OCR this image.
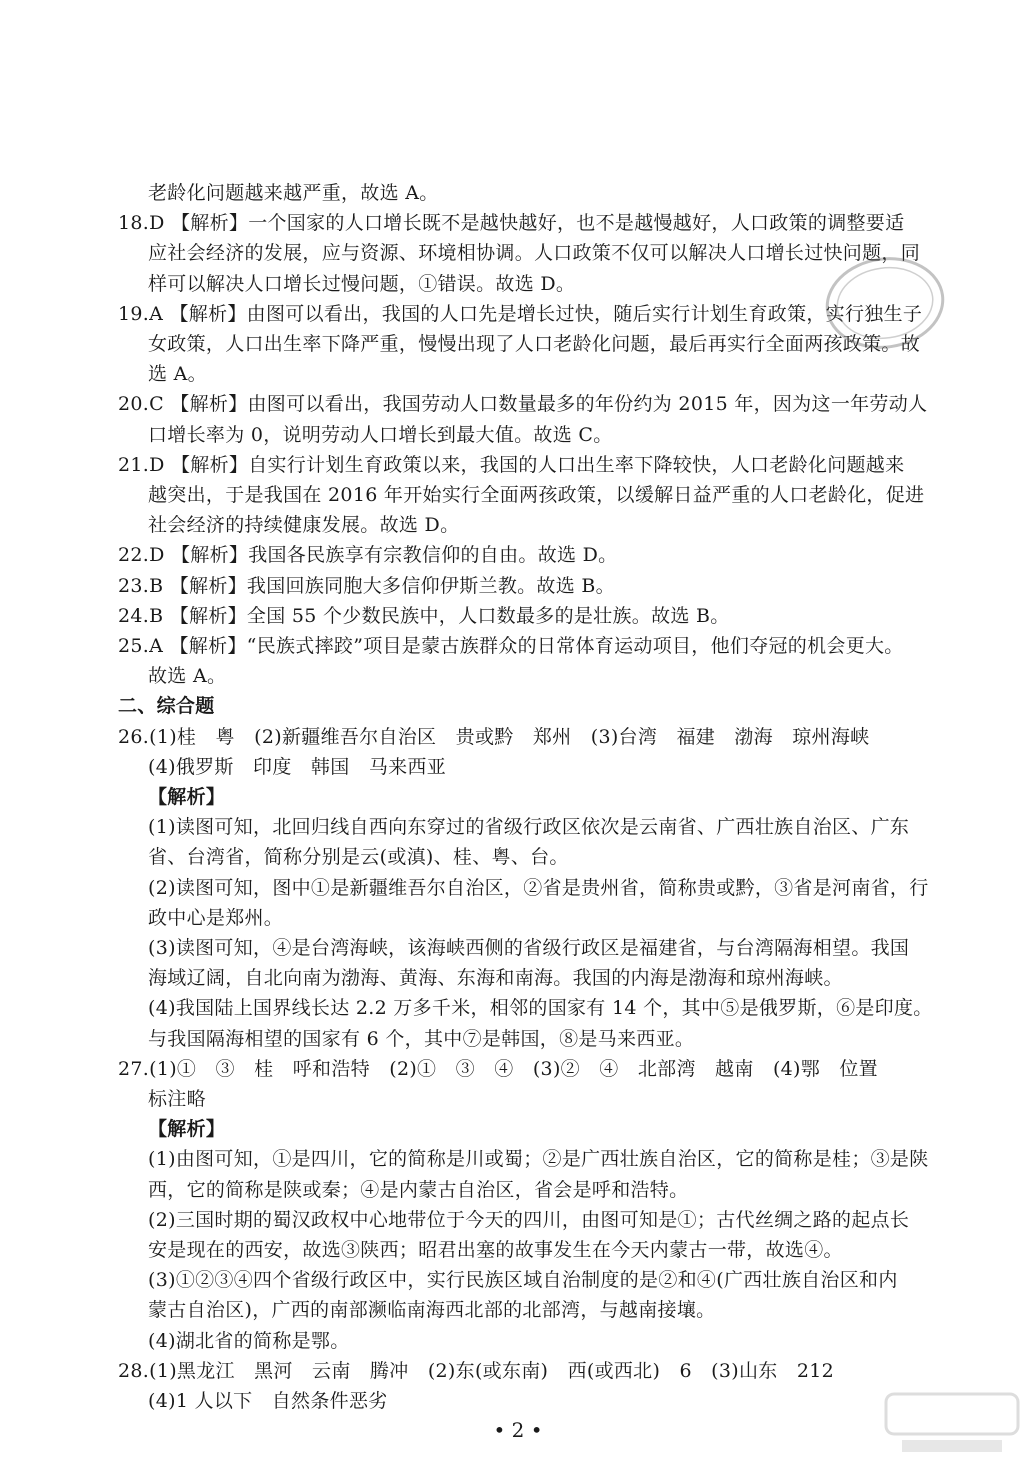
老龄化问题越来越严重，故选 A。
18.D 【解析】一个国家的人口增长既不是越快越好，也不是越慢越好，人口政策的调整要适
应社会经济的发展，应与资源、环境相协调。人口政策不仅可以解决人口增长过快问题，同
样可以解决人口增长过慢问题，①错误。故选 D。
19.A 【解析】由图可以看出，我国的人口先是增长过快，随后实行计划生育政策，实行独生子
女政策，人口出生率下降严重，慢慢出现了人口老龄化问题，最后再实行全面两孩政策。故
选 A。
20.C 【解析】由图可以看出，我国劳动人口数量最多的年份约为 2015 年，因为这一年劳动人
口增长率为 0，说明劳动人口增长到最大值。故选 C。
21.D 【解析】自实行计划生育政策以来，我国的人口出生率下降较快，人口老龄化问题越来
越突出，于是我国在 2016 年开始实行全面两孩政策，以缓解日益严重的人口老龄化，促进
社会经济的持续健康发展。故选 D。
22.D 【解析】我国各民族享有宗教信仰的自由。故选 D。
23.B 【解析】我国回族同胞大多信仰伊斯兰教。故选 B。
24.B 【解析】全国 55 个少数民族中，人口数最多的是壮族。故选 B。
25.A 【解析】“民族式摔跤”项目是蒙古族群众的日常体育运动项目，他们夺冠的机会更大。
故选 A。
二、综合题
26.(1)桂　粤　(2)新疆维吾尔自治区　贵或黔　郑州　(3)台湾　福建　渤海　琼州海峡
(4)俄罗斯　印度　韩国　马来西亚
【解析】
(1)读图可知，北回归线自西向东穿过的省级行政区依次是云南省、广西壮族自治区、广东
省、台湾省，简称分别是云(或滇)、桂、粤、台。
(2)读图可知，图中①是新疆维吾尔自治区，②省是贵州省，简称贵或黔，③省是河南省，行
政中心是郑州。
(3)读图可知，④是台湾海峡，该海峡西侧的省级行政区是福建省，与台湾隔海相望。我国
海域辽阔，自北向南为渤海、黄海、东海和南海。我国的内海是渤海和琼州海峡。
(4)我国陆上国界线长达 2.2 万多千米，相邻的国家有 14 个，其中⑤是俄罗斯，⑥是印度。
与我国隔海相望的国家有 6 个，其中⑦是韩国，⑧是马来西亚。
27.(1)①　③　桂　呼和浩特　(2)①　③　④　(3)②　④　北部湾　越南　(4)鄂　位置
标注略
【解析】
(1)由图可知，①是四川，它的简称是川或蜀；②是广西壮族自治区，它的简称是桂；③是陕
西，它的简称是陕或秦；④是内蒙古自治区，省会是呼和浩特。
(2)三国时期的蜀汉政权中心地带位于今天的四川，由图可知是①；古代丝绸之路的起点长
安是现在的西安，故选③陕西；昭君出塞的故事发生在今天内蒙古一带，故选④。
(3)①②③④四个省级行政区中，实行民族区域自治制度的是②和④(广西壮族自治区和内
蒙古自治区)，广西的南部濒临南海西北部的北部湾，与越南接壤。
(4)湖北省的简称是鄂。
28.(1)黑龙江　黑河　云南　腾冲　(2)东(或东南)　西(或西北)　6　(3)山东　212
(4)1 人以下　自然条件恶劣
• 2 •
